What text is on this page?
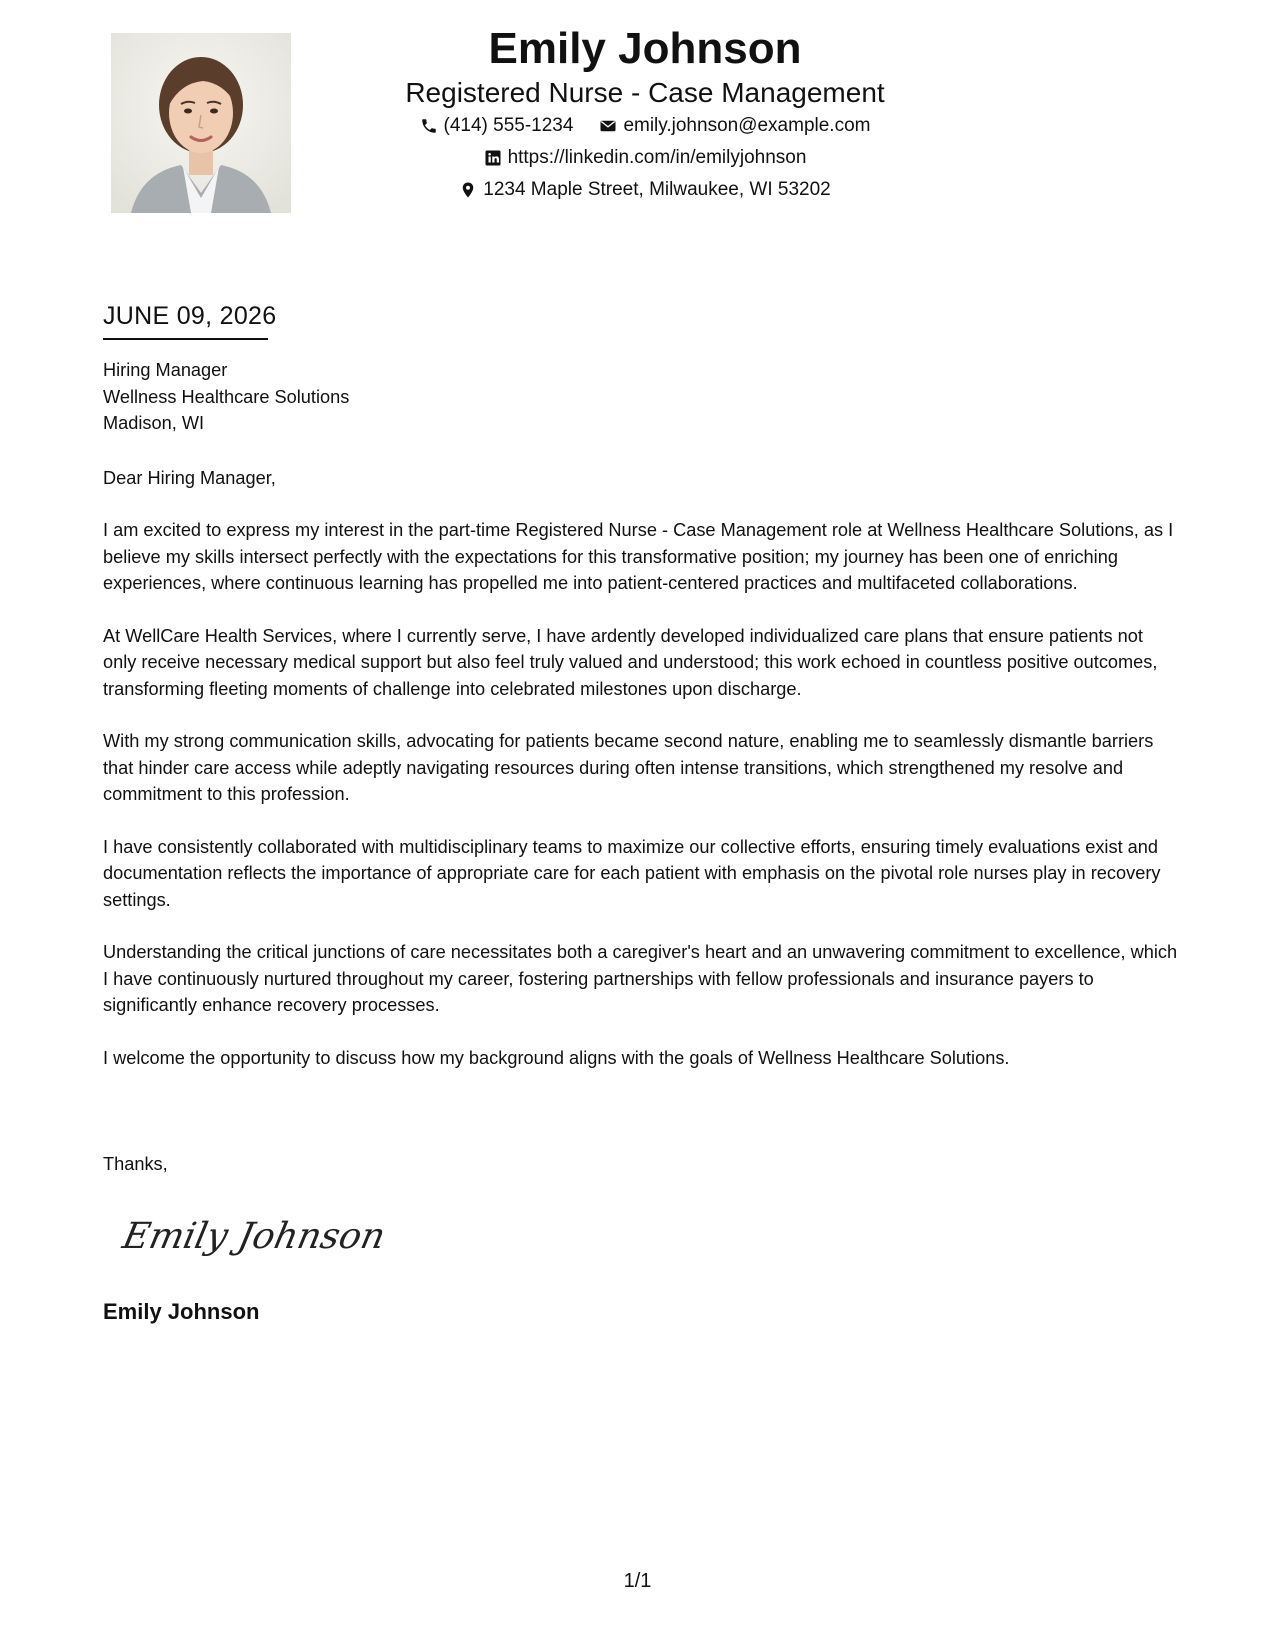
Emily Johnson
Registered Nurse - Case Management
(414) 555-1234	emily.johnson@example.com
https://linkedin.com/in/emilyjohnson
1234 Maple Street, Milwaukee, WI 53202
JUNE 09, 2026
Hiring Manager
Wellness Healthcare Solutions
Madison, WI
Dear Hiring Manager,
I am excited to express my interest in the part-time Registered Nurse - Case Management role at Wellness Healthcare Solutions, as I believe my skills intersect perfectly with the expectations for this transformative position; my journey has been one of enriching experiences, where continuous learning has propelled me into patient-centered practices and multifaceted collaborations.
At WellCare Health Services, where I currently serve, I have ardently developed individualized care plans that ensure patients not only receive necessary medical support but also feel truly valued and understood; this work echoed in countless positive outcomes, transforming fleeting moments of challenge into celebrated milestones upon discharge.
With my strong communication skills, advocating for patients became second nature, enabling me to seamlessly dismantle barriers that hinder care access while adeptly navigating resources during often intense transitions, which strengthened my resolve and commitment to this profession.
I have consistently collaborated with multidisciplinary teams to maximize our collective efforts, ensuring timely evaluations exist and documentation reflects the importance of appropriate care for each patient with emphasis on the pivotal role nurses play in recovery settings.
Understanding the critical junctions of care necessitates both a caregiver's heart and an unwavering commitment to excellence, which I have continuously nurtured throughout my career, fostering partnerships with fellow professionals and insurance payers to significantly enhance recovery processes.
I welcome the opportunity to discuss how my background aligns with the goals of Wellness Healthcare Solutions.
Thanks,
Emily Johnson
Emily Johnson
1/1
